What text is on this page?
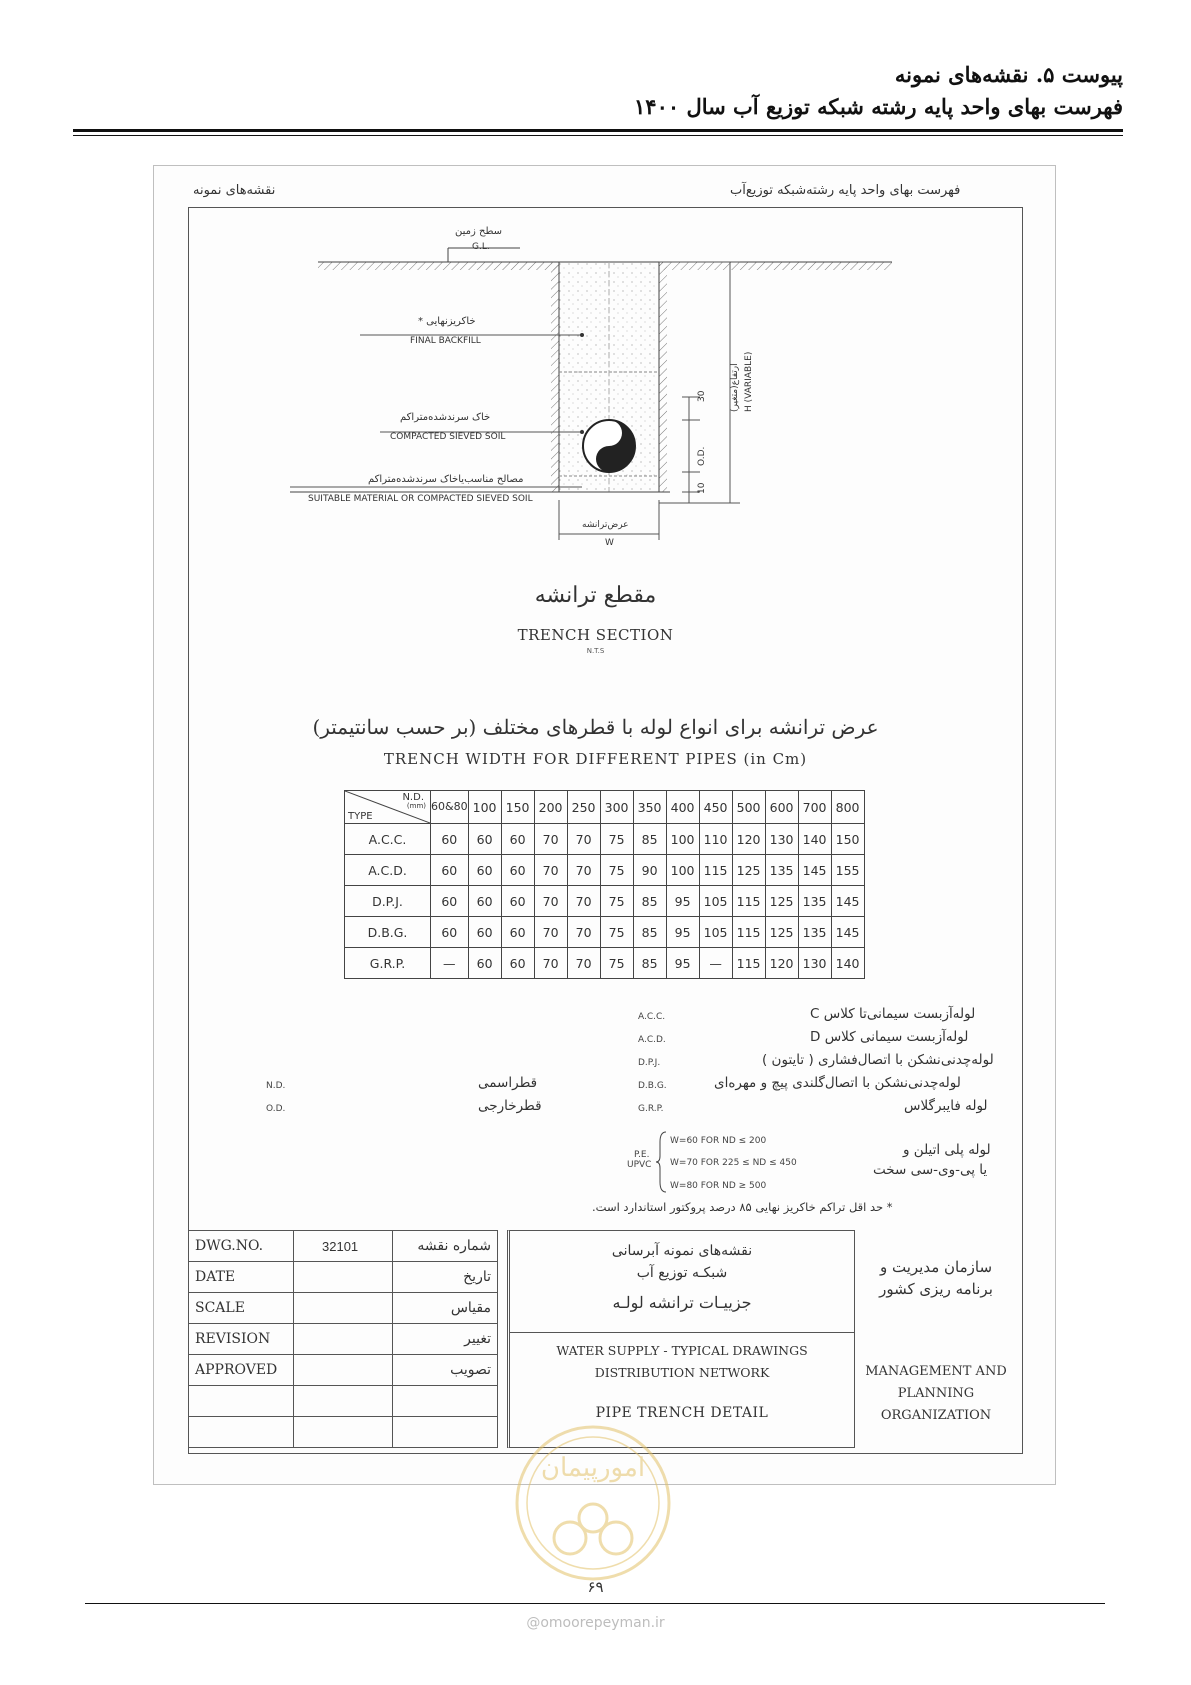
پیوست ۵. نقشه‌های نمونه
فهرست بهای واحد پایه رشته شبکه توزیع آب سال ۱۴۰۰
نقشه‌های نمونه	فهرست بهای واحد پایه رشته‌شبکه توزیع‌آب
سطح زمین
G.L.
خاکریزنهایی *
FINAL BACKFILL
خاک سرندشده‌متراکم
COMPACTED SIEVED SOIL
مصالح مناسب‌یاخاک سرندشده‌متراکم
SUITABLE MATERIAL OR COMPACTED SIEVED SOIL
30
O.D.
10
H (VARIABLE)
ارتفاع(متغیر)
عرض‌ترانشه
W
مقطع ترانشه
TRENCH SECTION
N.T.S
عرض ترانشه برای انواع لوله با قطرهای مختلف (بر حسب سانتیمتر)
TRENCH WIDTH FOR DIFFERENT PIPES (in Cm)
N.D.
(mm)
TYPE	60&80	100	150	200	250	300	350	400	450	500	600	700	800
A.C.C.	60	60	60	70	70	75	85	100	110	120	130	140	150
A.C.D.	60	60	60	70	70	75	90	100	115	125	135	145	155
D.P.J.	60	60	60	70	70	75	85	95	105	115	125	135	145
D.B.G.	60	60	60	70	70	75	85	95	105	115	125	135	145
G.R.P.	—	60	60	70	70	75	85	95	—	115	120	130	140
A.C.C.	لوله‌آزبست سیمانی‌تا کلاس C
A.C.D.	لوله‌آزبست سیمانی کلاس D
D.P.J.	لوله‌چدنی‌نشکن با اتصال‌فشاری ( تایتون )
D.B.G.	لوله‌چدنی‌نشکن با اتصال‌گلندی پیچ و مهره‌ای
G.R.P.	لوله فایبرگلاس
N.D.	قطراسمی
O.D.	قطرخارجی
لوله پلی اتیلن و
یا پی-وی-سی سخت
P.E.
UPVC
W=60 FOR ND ≤ 200
W=70 FOR 225 ≤ ND ≤ 450
W=80 FOR ND ≥ 500
* حد اقل تراکم خاکریز نهایی ۸۵ درصد پروکتور استاندارد است.
DWG.NO.	32101	شماره نقشه
DATE		تاریخ
SCALE		مقیاس
REVISION		تغییر
APPROVED		تصویب

نقشه‌های نمونه آبرسانی
شبکـه توزیع آب
جزییـات ترانشه لولـه
WATER SUPPLY - TYPICAL DRAWINGS
DISTRIBUTION NETWORK
PIPE TRENCH DETAIL
سازمان مدیریت و
برنامه ریزی کشور
MANAGEMENT AND
PLANNING
ORGANIZATION
امورپیمان
۶۹
@omoorepeyman.ir
